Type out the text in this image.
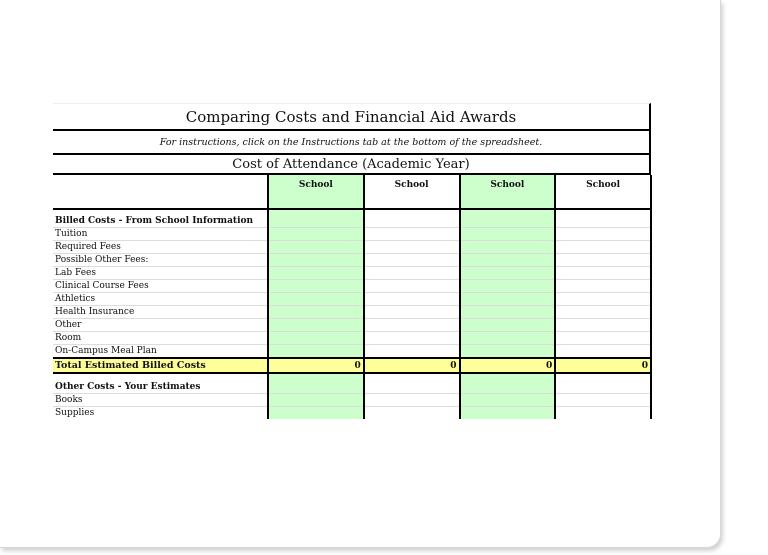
Comparing Costs and Financial Aid Awards
For instructions, click on the Instructions tab at the bottom of the spreadsheet.
Cost of Attendance (Academic Year)
	School	School	School	School

Billed Costs - From School Information				
Tuition				
Required Fees				
Possible Other Fees:				
Lab Fees				
Clinical Course Fees				
Athletics				
Health Insurance				
Other				
Room				
On-Campus Meal Plan				
Total Estimated Billed Costs	0	0	0	0
Other Costs - Your Estimates				
Books				
Supplies				
